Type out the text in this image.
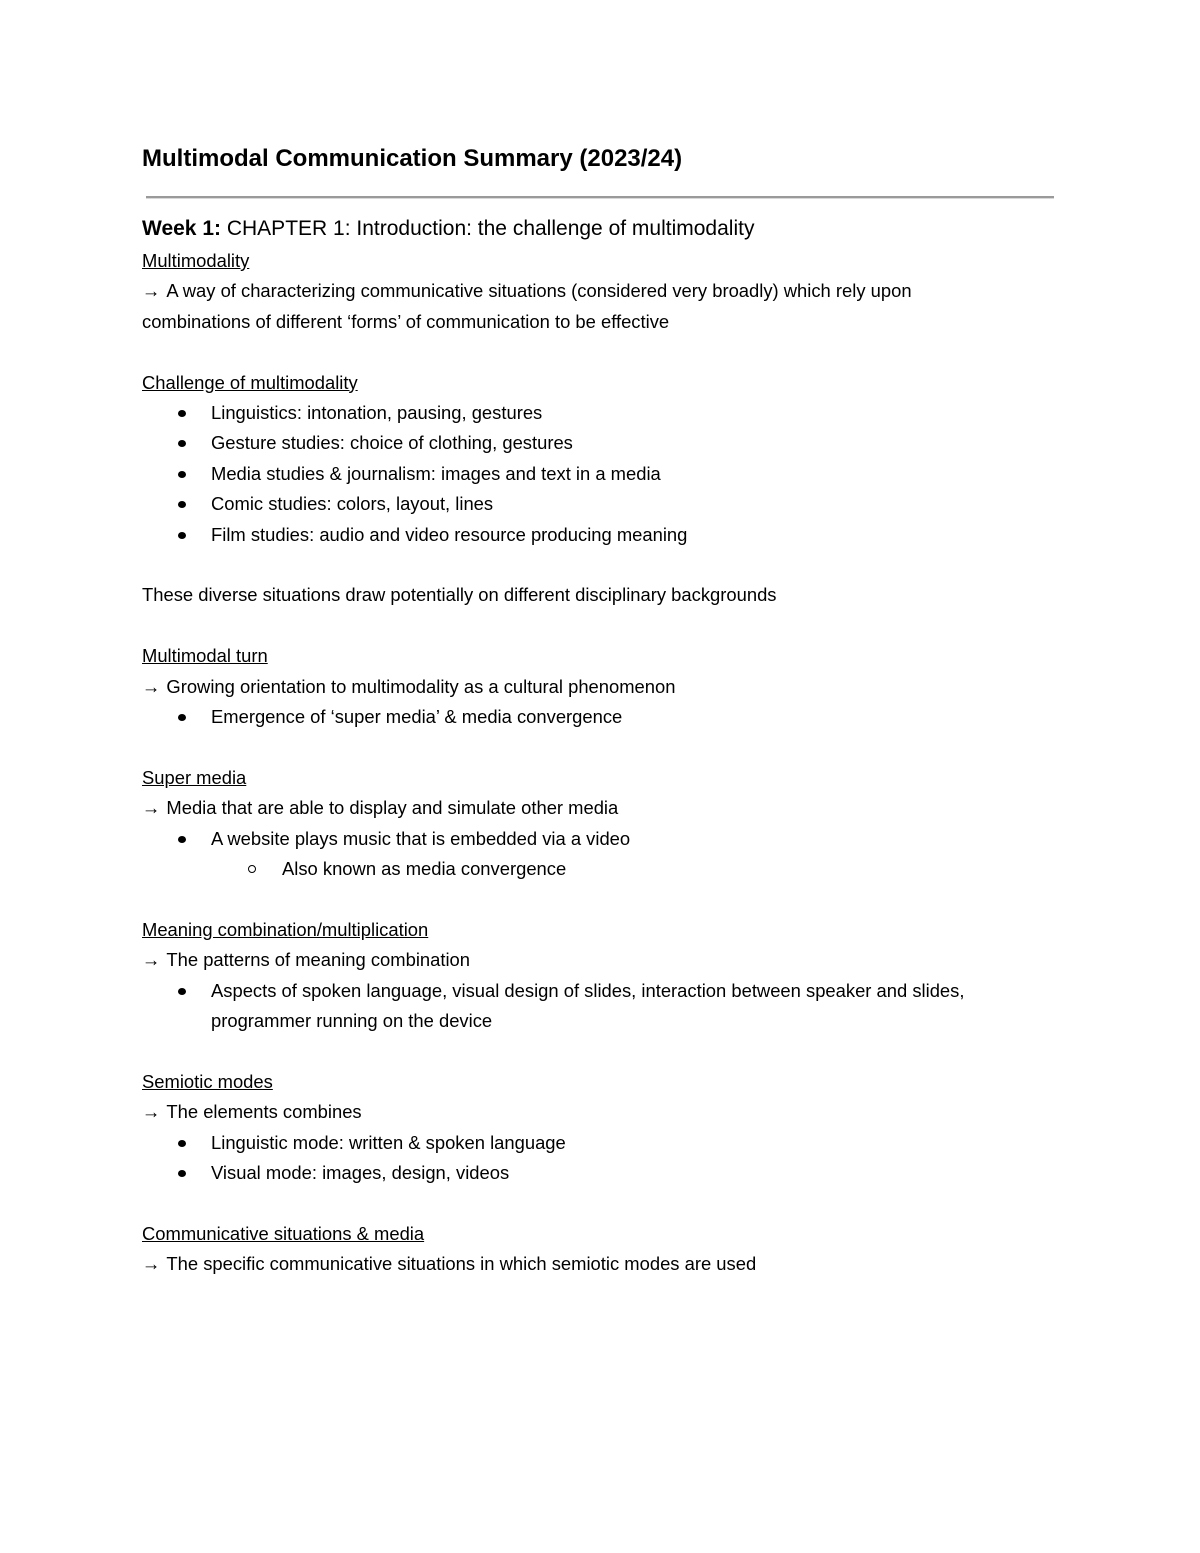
Multimodal Communication Summary (2023/24)
Week 1: CHAPTER 1: Introduction: the challenge of multimodality
Multimodality

→ A way of characterizing communicative situations (considered very broadly) which rely upon

combinations of different ‘forms’ of communication to be effective

Challenge of multimodality
Linguistics: intonation, pausing, gestures
Gesture studies: choice of clothing, gestures
Media studies & journalism: images and text in a media
Comic studies: colors, layout, lines
Film studies: audio and video resource producing meaning

These diverse situations draw potentially on different disciplinary backgrounds

Multimodal turn

→ Growing orientation to multimodality as a cultural phenomenon

Emergence of ‘super media’ & media convergence
Super media

→ Media that are able to display and simulate other media

A website plays music that is embedded via a video
Also known as media convergence
Meaning combination/multiplication

→ The patterns of meaning combination

Aspects of spoken language, visual design of slides, interaction between speaker and slides,
programmer running on the device
Semiotic modes

→ The elements combines

Linguistic mode: written & spoken language
Visual mode: images, design, videos
Communicative situations & media

→ The specific communicative situations in which semiotic modes are used
